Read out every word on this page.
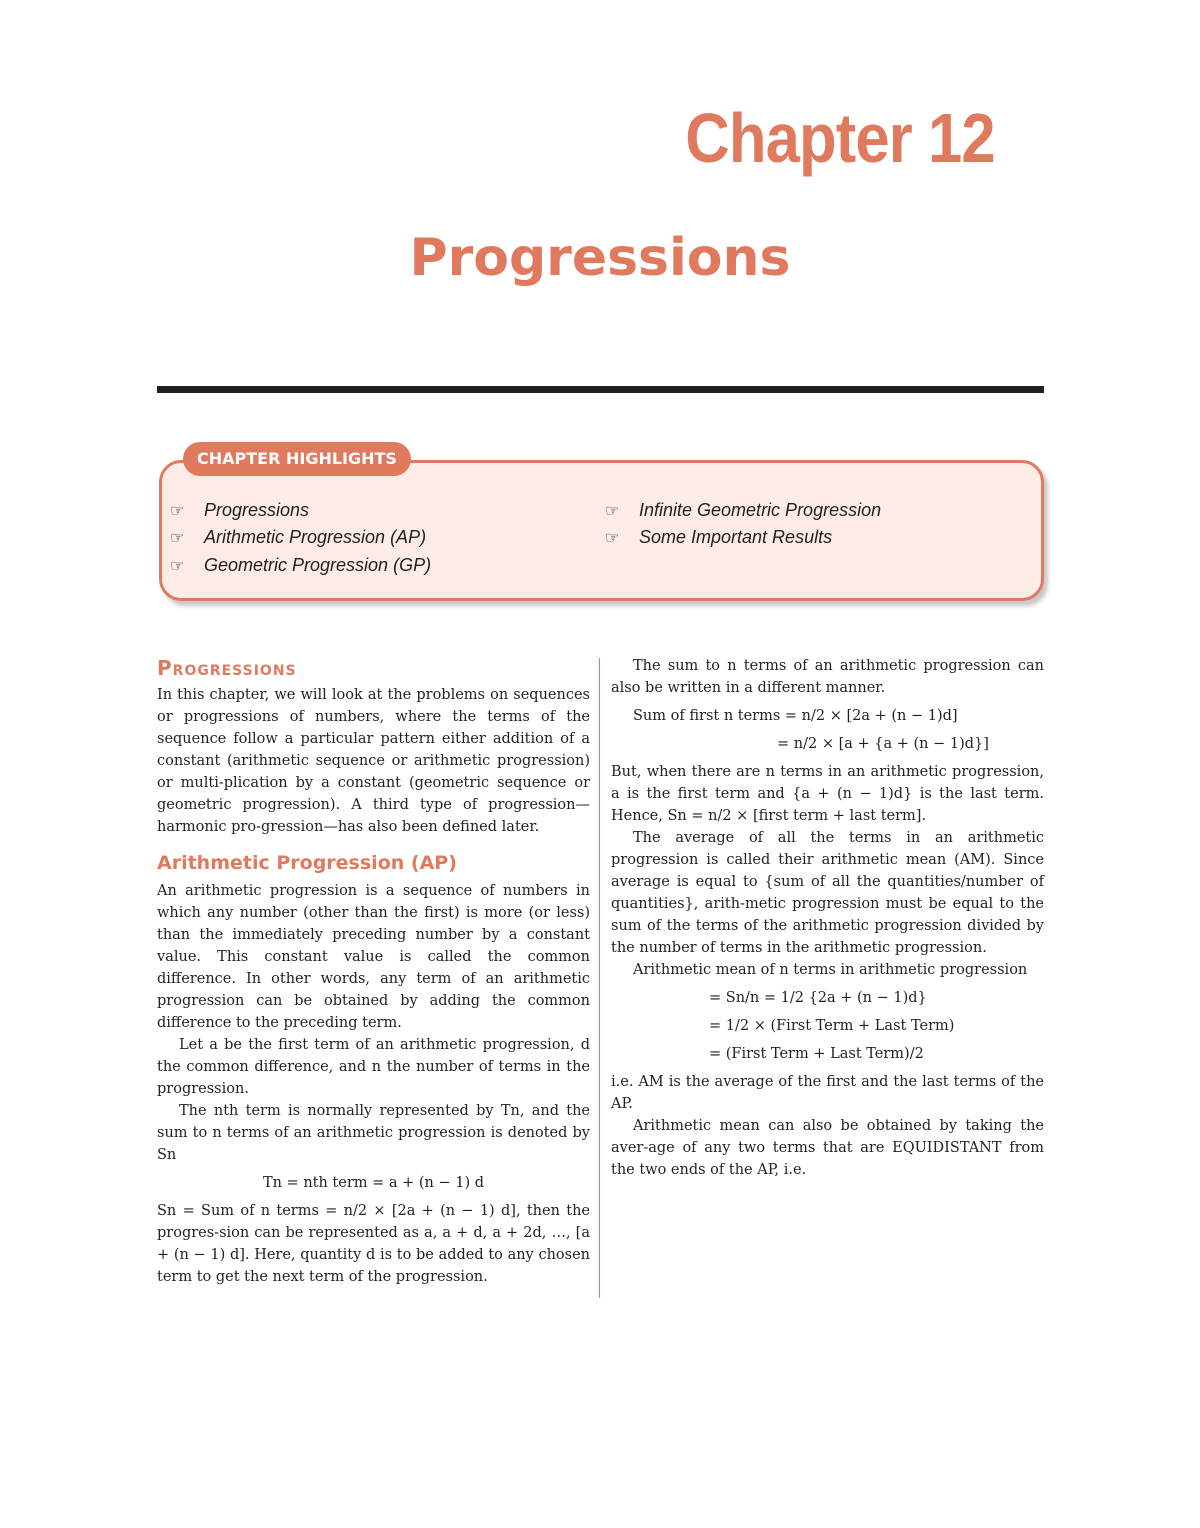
Chapter 12
Progressions
CHAPTER HIGHLIGHTS
☞ Progressions
☞ Arithmetic Progression (AP)
☞ Geometric Progression (GP)
☞ Infinite Geometric Progression
☞ Some Important Results
Progressions

In this chapter, we will look at the problems on sequences or progressions of numbers, where the terms of the sequence follow a particular pattern either addition of a constant (arithmetic sequence or arithmetic progression) or multi-plication by a constant (geometric sequence or geometric progression). A third type of progression—harmonic pro-gression—has also been defined later.

Arithmetic Progression (AP)

An arithmetic progression is a sequence of numbers in which any number (other than the first) is more (or less) than the immediately preceding number by a constant value. This constant value is called the common difference. In other words, any term of an arithmetic progression can be obtained by adding the common difference to the preceding term.

Let a be the first term of an arithmetic progression, d the common difference, and n the number of terms in the progression.

The nth term is normally represented by Tn, and the sum to n terms of an arithmetic progression is denoted by Sn

Tn = nth term = a + (n − 1) d

Sn = Sum of n terms = n/2 × [2a + (n − 1) d], then the progres-sion can be represented as a, a + d, a + 2d, …, [a + (n − 1) d]. Here, quantity d is to be added to any chosen term to get the next term of the progression.

The sum to n terms of an arithmetic progression can also be written in a different manner.

Sum of first n terms = n/2 × [2a + (n − 1)d]
= n/2 × [a + {a + (n − 1)d}]

But, when there are n terms in an arithmetic progression, a is the first term and {a + (n − 1)d} is the last term. Hence, Sn = n/2 × [first term + last term].

The average of all the terms in an arithmetic progression is called their arithmetic mean (AM). Since average is equal to {sum of all the quantities/number of quantities}, arith-metic progression must be equal to the sum of the terms of the arithmetic progression divided by the number of terms in the arithmetic progression.

Arithmetic mean of n terms in arithmetic progression

= Sn/n = 1/2 {2a + (n − 1)d}
= 1/2 × (First Term + Last Term)
= (First Term + Last Term)/2

i.e. AM is the average of the first and the last terms of the AP.

Arithmetic mean can also be obtained by taking the aver-age of any two terms that are EQUIDISTANT from the two ends of the AP, i.e.
